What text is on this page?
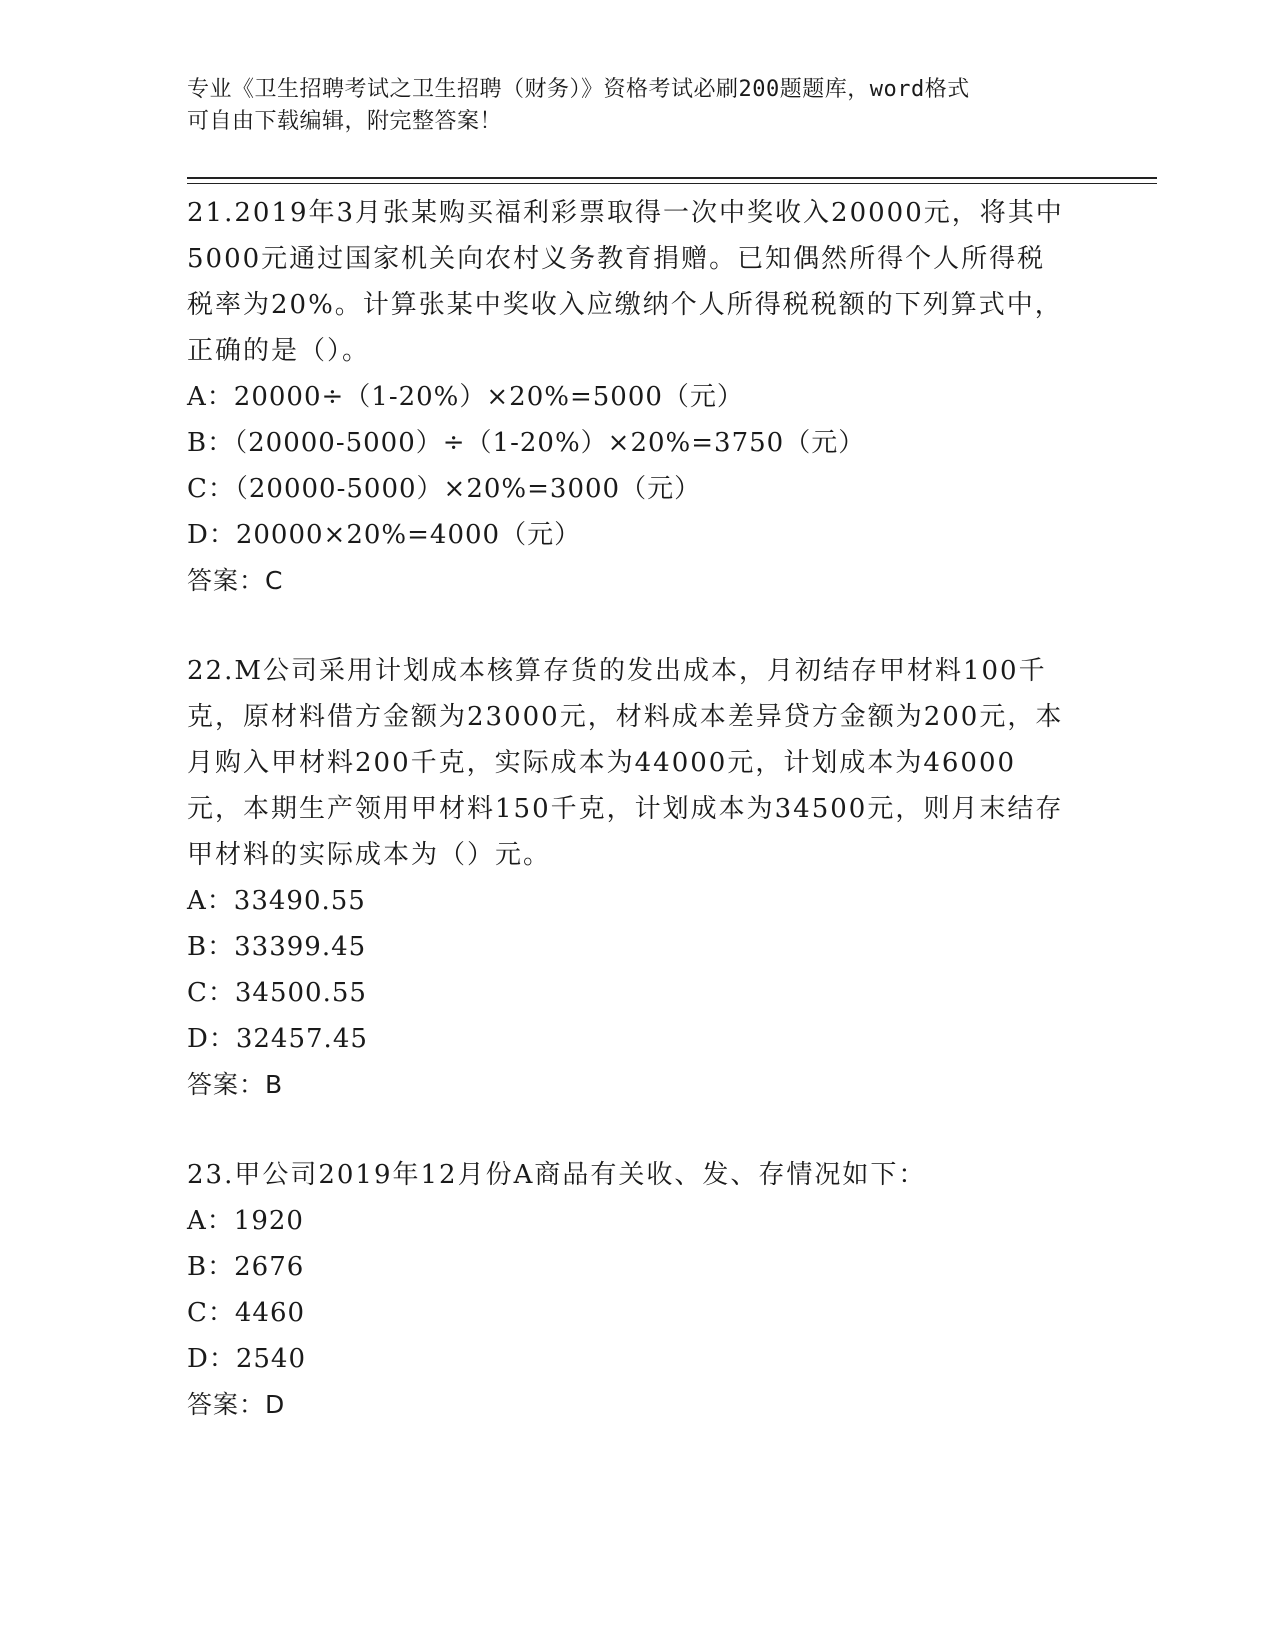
专业《卫生招聘考试之卫生招聘（财务）》资格考试必刷200题题库，word格式
可自由下载编辑，附完整答案！

21.2019年3月张某购买福利彩票取得一次中奖收入20000元，将其中5000元通过国家机关向农村义务教育捐赠。已知偶然所得个人所得税税率为20%。计算张某中奖收入应缴纳个人所得税税额的下列算式中，正确的是（）。

A：20000÷（1-20%）×20%=5000（元）

B：（20000-5000）÷（1-20%）×20%=3750（元）

C：（20000-5000）×20%=3000（元）

D：20000×20%=4000（元）

答案：C

22.M公司采用计划成本核算存货的发出成本，月初结存甲材料100千克，原材料借方金额为23000元，材料成本差异贷方金额为200元，本月购入甲材料200千克，实际成本为44000元，计划成本为46000元，本期生产领用甲材料150千克，计划成本为34500元，则月末结存甲材料的实际成本为（）元。

A：33490.55

B：33399.45

C：34500.55

D：32457.45

答案：B

23.甲公司2019年12月份A商品有关收、发、存情况如下：

A：1920

B：2676

C：4460

D：2540

答案：D
